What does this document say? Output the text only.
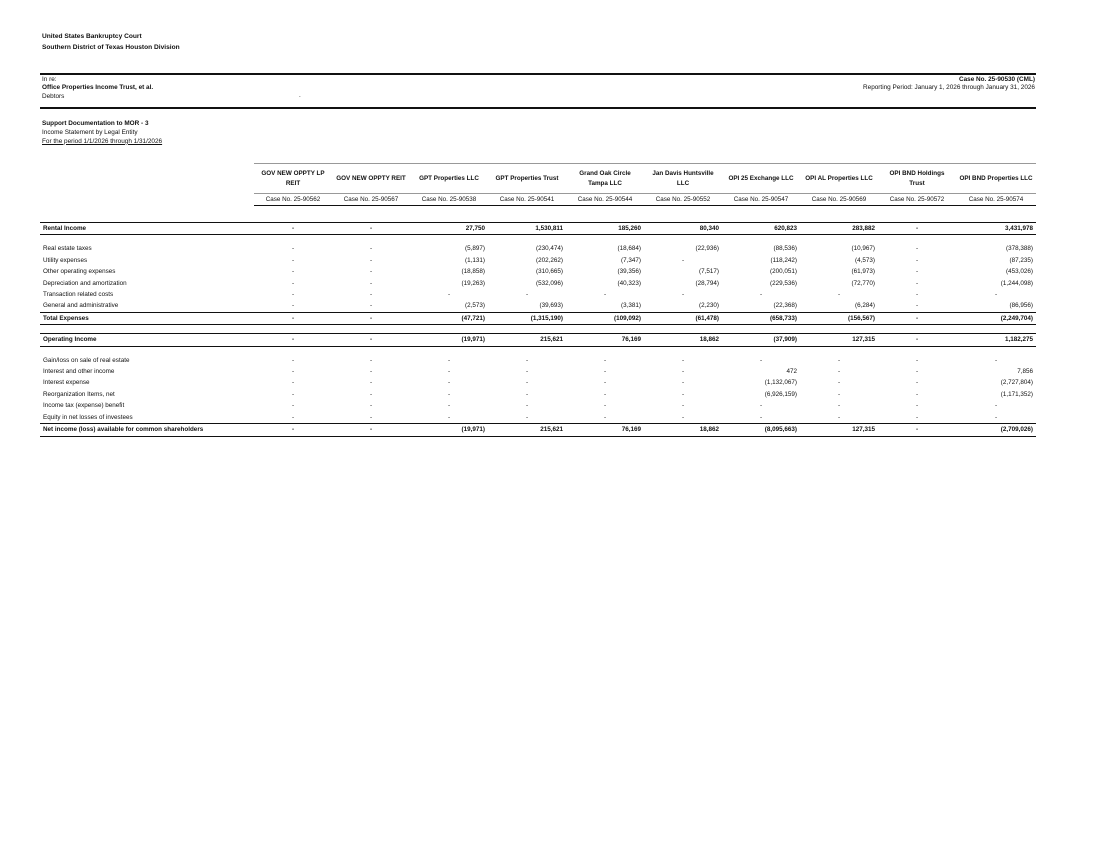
United States Bankruptcy Court
Southern District of Texas Houston Division
In re:
Office Properties Income Trust, et al.
Debtors	.
Case No. 25-90530 (CML)
Reporting Period: January 1, 2026 through January 31, 2026
Support Documentation to MOR - 3
Income Statement by Legal Entity
For the period 1/1/2026 through 1/31/2026
	GOV NEW OPPTY LP REIT	GOV NEW OPPTY REIT	GPT Properties LLC	GPT Properties Trust	Grand Oak Circle Tampa LLC	Jan Davis Huntsville LLC	OPI 25 Exchange LLC	OPI AL Properties LLC	OPI BND Holdings Trust	OPI BND Properties LLC
	Case No. 25-90562	Case No. 25-90567	Case No. 25-90538	Case No. 25-90541	Case No. 25-90544	Case No. 25-90552	Case No. 25-90547	Case No. 25-90569	Case No. 25-90572	Case No. 25-90574

Rental Income	-	-	27,750	1,530,811	185,260	80,340	620,823	283,882	-	3,431,978

Real estate taxes	-	-	(5,897)	(230,474)	(18,684)	(22,936)	(88,536)	(10,967)	-	(378,388)
Utility expenses	-	-	(1,131)	(202,262)	(7,347)	-	(118,242)	(4,573)	-	(87,235)
Other operating expenses	-	-	(18,858)	(310,665)	(39,356)	(7,517)	(200,051)	(61,973)	-	(453,026)
Depreciation and amortization	-	-	(19,263)	(532,096)	(40,323)	(28,794)	(229,536)	(72,770)	-	(1,244,098)
Transaction related costs	-	-	-	-	-	-	-	-	-	-
General and administrative	-	-	(2,573)	(39,693)	(3,381)	(2,230)	(22,368)	(6,284)	-	(86,956)
Total Expenses	-	-	(47,721)	(1,315,190)	(109,092)	(61,478)	(658,733)	(156,567)	-	(2,249,704)

Operating Income	-	-	(19,971)	215,621	76,169	18,862	(37,909)	127,315	-	1,182,275

Gain/loss on sale of real estate	-	-	-	-	-	-	-	-	-	-
Interest and other income	-	-	-	-	-	-	472	-	-	7,856
Interest expense	-	-	-	-	-	-	(1,132,067)	-	-	(2,727,804)
Reorganization Items, net	-	-	-	-	-	-	(6,926,159)	-	-	(1,171,352)
Income tax (expense) benefit	-	-	-	-	-	-	-	-	-	-
Equity in net losses of investees	-	-	-	-	-	-	-	-	-	-
Net income (loss) available for common shareholders	-	-	(19,971)	215,621	76,169	18,862	(8,095,663)	127,315	-	(2,709,026)
